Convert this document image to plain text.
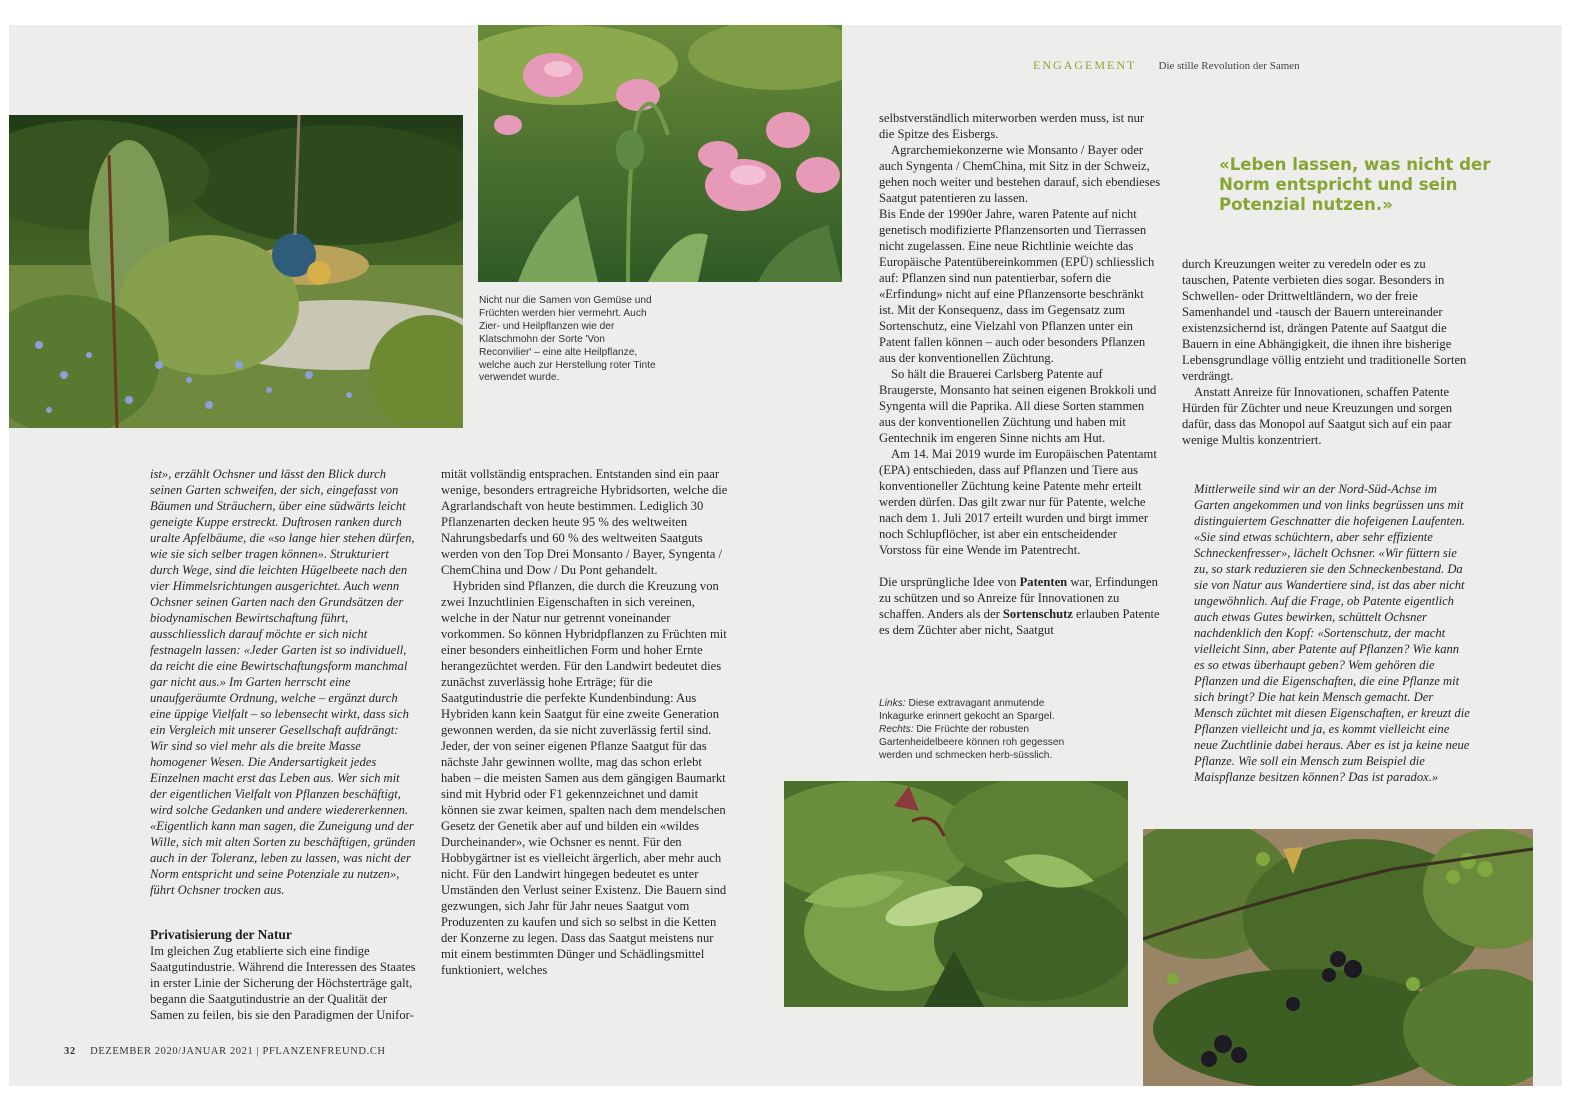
ENGAGEMENT Die stille Revolution der Samen
Nicht nur die Samen von Gemüse und Früchten werden hier vermehrt. Auch Zier- und Heilpflanzen wie der Klatschmohn der Sorte 'Von Reconvilier' – eine alte Heilpflanze, welche auch zur Herstellung roter Tinte verwendet wurde.

ist», erzählt Ochsner und lässt den Blick durch seinen Garten schweifen, der sich, eingefasst von Bäumen und Sträuchern, über eine südwärts leicht geneigte Kuppe erstreckt. Duftrosen ranken durch uralte Apfelbäume, die «so lange hier stehen dürfen, wie sie sich selber tragen können». Strukturiert durch Wege, sind die leichten Hügelbeete nach den vier Himmelsrichtungen ausgerichtet. Auch wenn Ochsner seinen Garten nach den Grundsätzen der biodynamischen Bewirtschaftung führt, ausschliesslich darauf möchte er sich nicht festnageln lassen: «Jeder Garten ist so individuell, da reicht die eine Bewirtschaftungsform manchmal gar nicht aus.» Im Garten herrscht eine unaufgeräumte Ordnung, welche – ergänzt durch eine üppige Vielfalt – so lebensecht wirkt, dass sich ein Vergleich mit unserer Gesellschaft aufdrängt: Wir sind so viel mehr als die breite Masse homogener Wesen. Die Andersartigkeit jedes Einzelnen macht erst das Leben aus. Wer sich mit der eigentlichen Vielfalt von Pflanzen beschäftigt, wird solche Gedanken und andere wiedererkennen. «Eigentlich kann man sagen, die Zuneigung und der Wille, sich mit alten Sorten zu beschäftigen, gründen auch in der Toleranz, leben zu lassen, was nicht der Norm entspricht und seine Potenziale zu nutzen», führt Ochsner trocken aus.

Privatisierung der Natur

Im gleichen Zug etablierte sich eine findige Saatgutindustrie. Während die Interessen des Staates in erster Linie der Sicherung der Höchsterträge galt, begann die Saatgutindustrie an der Qualität der Samen zu feilen, bis sie den Paradigmen der Unifor-

mität vollständig entsprachen. Entstanden sind ein paar wenige, besonders ertragreiche Hybridsorten, welche die Agrarlandschaft von heute bestimmen. Lediglich 30 Pflanzenarten decken heute 95 % des weltweiten Nahrungsbedarfs und 60 % des weltweiten Saatguts werden von den Top Drei Monsanto / Bayer, Syngenta / ChemChina und Dow / Du Pont gehandelt.

Hybriden sind Pflanzen, die durch die Kreuzung von zwei Inzuchtlinien Eigenschaften in sich vereinen, welche in der Natur nur getrennt voneinander vorkommen. So können Hybridpflanzen zu Früchten mit einer besonders einheitlichen Form und hoher Ernte herangezüchtet werden. Für den Landwirt bedeutet dies zunächst zuverlässig hohe Erträge; für die Saatgutindustrie die perfekte Kundenbindung: Aus Hybriden kann kein Saatgut für eine zweite Generation gewonnen werden, da sie nicht zuverlässig fertil sind. Jeder, der von seiner eigenen Pflanze Saatgut für das nächste Jahr gewinnen wollte, mag das schon erlebt haben – die meisten Samen aus dem gängigen Baumarkt sind mit Hybrid oder F1 gekennzeichnet und damit können sie zwar keimen, spalten nach dem mendelschen Gesetz der Genetik aber auf und bilden ein «wildes Durcheinander», wie Ochsner es nennt. Für den Hobbygärtner ist es vielleicht ärgerlich, aber mehr auch nicht. Für den Landwirt hingegen bedeutet es unter Umständen den Verlust seiner Existenz. Die Bauern sind gezwungen, sich Jahr für Jahr neues Saatgut vom Produzenten zu kaufen und sich so selbst in die Ketten der Konzerne zu legen. Dass das Saatgut meistens nur mit einem bestimmten Dünger und Schädlingsmittel funktioniert, welches

selbstverständlich miterworben werden muss, ist nur die Spitze des Eisbergs.

Agrarchemiekonzerne wie Monsanto / Bayer oder auch Syngenta / ChemChina, mit Sitz in der Schweiz, gehen noch weiter und bestehen darauf, sich ebendieses Saatgut patentieren zu lassen.

Bis Ende der 1990er Jahre, waren Patente auf nicht genetisch modifizierte Pflanzensorten und Tierrassen nicht zugelassen. Eine neue Richtlinie weichte das Europäische Patentübereinkommen (EPÜ) schliesslich auf: Pflanzen sind nun patentierbar, sofern die «Erfindung» nicht auf eine Pflanzensorte beschränkt ist. Mit der Konsequenz, dass im Gegensatz zum Sortenschutz, eine Vielzahl von Pflanzen unter ein Patent fallen können – auch oder besonders Pflanzen aus der konventionellen Züchtung.

So hält die Brauerei Carlsberg Patente auf Braugerste, Monsanto hat seinen eigenen Brokkoli und Syngenta will die Paprika. All diese Sorten stammen aus der konventionellen Züchtung und haben mit Gentechnik im engeren Sinne nichts am Hut.

Am 14. Mai 2019 wurde im Europäischen Patentamt (EPA) entschieden, dass auf Pflanzen und Tiere aus konventioneller Züchtung keine Patente mehr erteilt werden dürfen. Das gilt zwar nur für Patente, welche nach dem 1. Juli 2017 erteilt wurden und birgt immer noch Schlupflöcher, ist aber ein entscheidender Vorstoss für eine Wende im Patentrecht.

Die ursprüngliche Idee von Patenten war, Erfindungen zu schützen und so Anreize für Innovationen zu schaffen. Anders als der Sortenschutz erlauben Patente es dem Züchter aber nicht, Saatgut

«Leben lassen, was nicht der Norm entspricht und sein Potenzial nutzen.»

durch Kreuzungen weiter zu veredeln oder es zu tauschen, Patente verbieten dies sogar. Besonders in Schwellen- oder Drittweltländern, wo der freie Samenhandel und -tausch der Bauern untereinander existenzsichernd ist, drängen Patente auf Saatgut die Bauern in eine Abhängigkeit, die ihnen ihre bisherige Lebensgrundlage völlig entzieht und traditionelle Sorten verdrängt.

Anstatt Anreize für Innovationen, schaffen Patente Hürden für Züchter und neue Kreuzungen und sorgen dafür, dass das Monopol auf Saatgut sich auf ein paar wenige Multis konzentriert.

Mittlerweile sind wir an der Nord-Süd-Achse im Garten angekommen und von links begrüssen uns mit distinguiertem Geschnatter die hofeigenen Laufenten. «Sie sind etwas schüchtern, aber sehr effiziente Schneckenfresser», lächelt Ochsner. «Wir füttern sie zu, so stark reduzieren sie den Schneckenbestand. Da sie von Natur aus Wandertiere sind, ist das aber nicht ungewöhnlich. Auf die Frage, ob Patente eigentlich auch etwas Gutes bewirken, schüttelt Ochsner nachdenklich den Kopf: «Sortenschutz, der macht vielleicht Sinn, aber Patente auf Pflanzen? Wie kann es so etwas überhaupt geben? Wem gehören die Pflanzen und die Eigenschaften, die eine Pflanze mit sich bringt? Die hat kein Mensch gemacht. Der Mensch züchtet mit diesen Eigenschaften, er kreuzt die Pflanzen vielleicht und ja, es kommt vielleicht eine neue Zuchtlinie dabei heraus. Aber es ist ja keine neue Pflanze. Wie soll ein Mensch zum Beispiel die Maispflanze besitzen können? Das ist paradox.»
Links: Diese extravagant anmutende Inkagurke erinnert gekocht an Spargel. Rechts: Die Früchte der robusten Gartenheidelbeere können roh gegessen werden und schmecken herb-süsslich.
32 DEZEMBER 2020/JANUAR 2021 | PFLANZENFREUND.CH
